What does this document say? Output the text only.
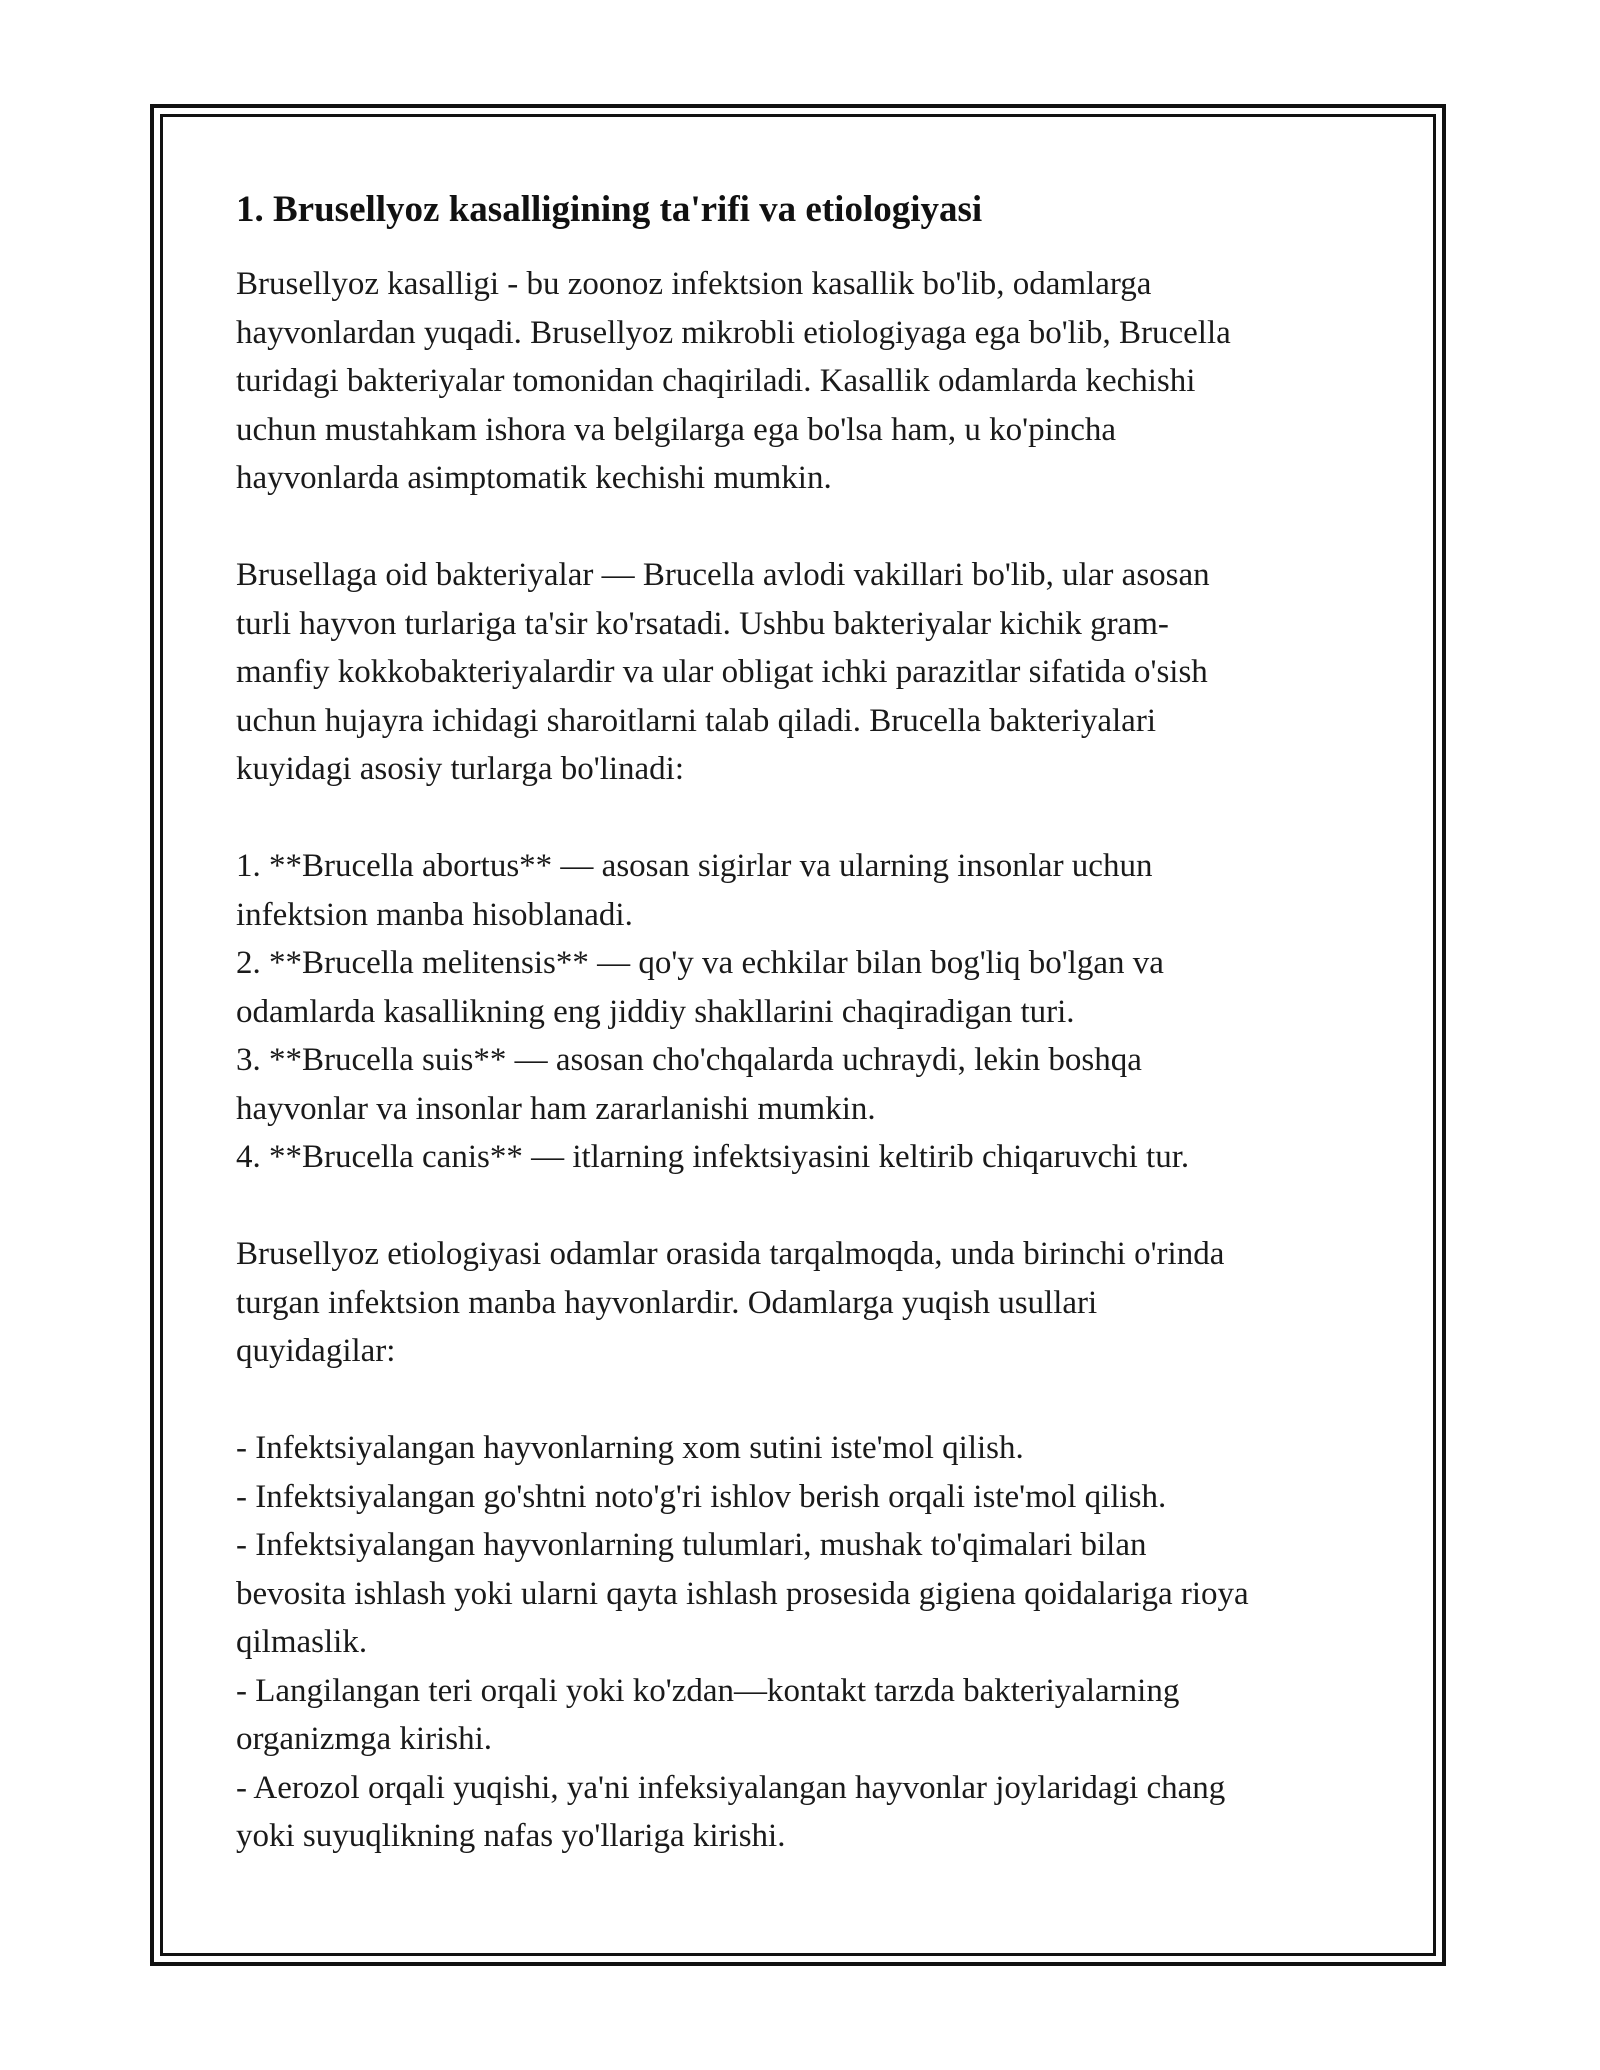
1. Brusellyoz kasalligining ta'rifi va etiologiyasi

Brusellyoz kasalligi - bu zoonoz infektsion kasallik bo'lib, odamlarga
hayvonlardan yuqadi. Brusellyoz mikrobli etiologiyaga ega bo'lib, Brucella
turidagi bakteriyalar tomonidan chaqiriladi. Kasallik odamlarda kechishi
uchun mustahkam ishora va belgilarga ega bo'lsa ham, u ko'pincha
hayvonlarda asimptomatik kechishi mumkin.

Brusellaga oid bakteriyalar — Brucella avlodi vakillari bo'lib, ular asosan
turli hayvon turlariga ta'sir ko'rsatadi. Ushbu bakteriyalar kichik gram-
manfiy kokkobakteriyalardir va ular obligat ichki parazitlar sifatida o'sish
uchun hujayra ichidagi sharoitlarni talab qiladi. Brucella bakteriyalari
kuyidagi asosiy turlarga bo'linadi:

1. **Brucella abortus** — asosan sigirlar va ularning insonlar uchun
infektsion manba hisoblanadi.
2. **Brucella melitensis** — qo'y va echkilar bilan bog'liq bo'lgan va
odamlarda kasallikning eng jiddiy shakllarini chaqiradigan turi.
3. **Brucella suis** — asosan cho'chqalarda uchraydi, lekin boshqa
hayvonlar va insonlar ham zararlanishi mumkin.
4. **Brucella canis** — itlarning infektsiyasini keltirib chiqaruvchi tur.

Brusellyoz etiologiyasi odamlar orasida tarqalmoqda, unda birinchi o'rinda
turgan infektsion manba hayvonlardir. Odamlarga yuqish usullari
quyidagilar:

- Infektsiyalangan hayvonlarning xom sutini iste'mol qilish.
- Infektsiyalangan go'shtni noto'g'ri ishlov berish orqali iste'mol qilish.
- Infektsiyalangan hayvonlarning tulumlari, mushak to'qimalari bilan
bevosita ishlash yoki ularni qayta ishlash prosesida gigiena qoidalariga rioya
qilmaslik.
- Langilangan teri orqali yoki ko'zdan—kontakt tarzda bakteriyalarning
organizmga kirishi.
- Aerozol orqali yuqishi, ya'ni infeksiyalangan hayvonlar joylaridagi chang
yoki suyuqlikning nafas yo'llariga kirishi.
